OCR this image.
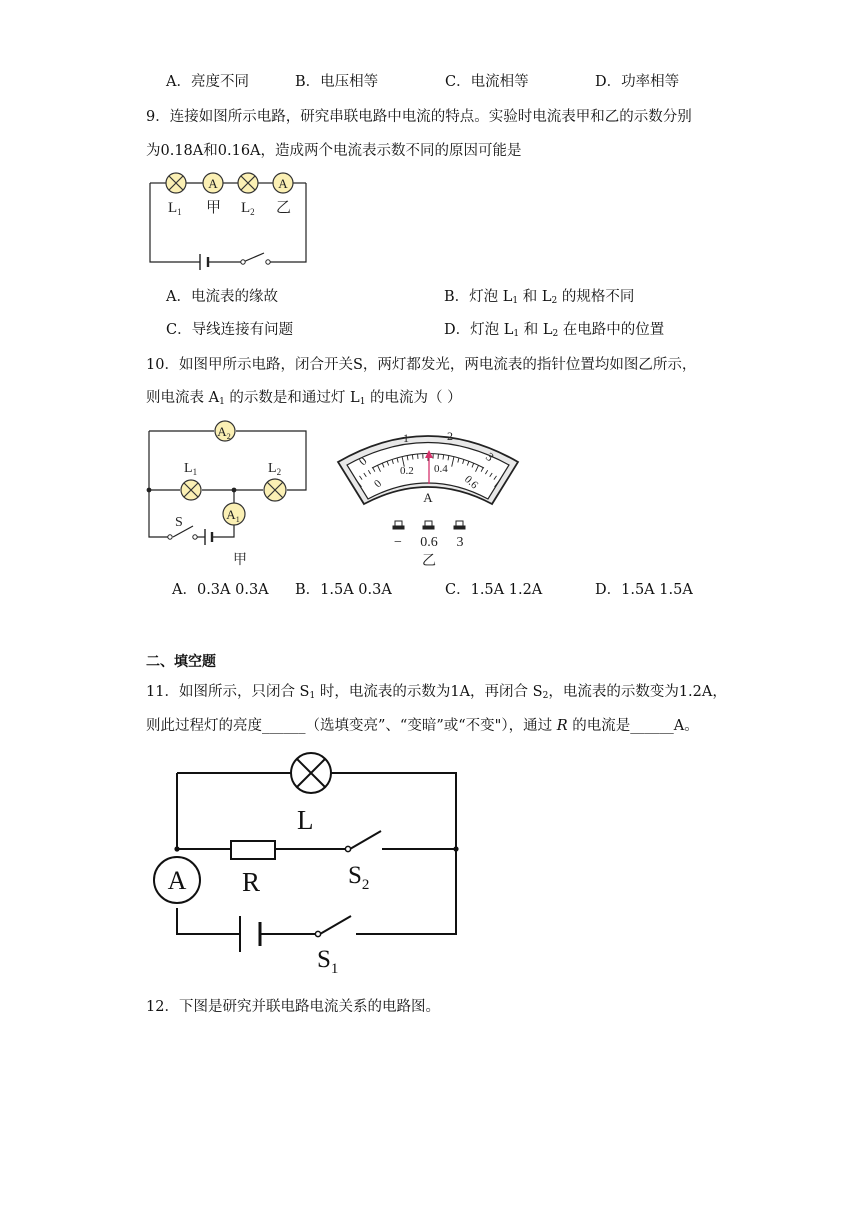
A．亮度不同	B．电压相等	C．电流相等	D．功率相等
9．连接如图所示电路，研究串联电路中电流的特点。实验时电流表甲和乙的示数分别
为0.18A和0.16A，造成两个电流表示数不同的原因可能是
A	A
$L_1$ 甲 $L_2$ 乙
A．电流表的缘故	B．灯泡 $L_1$ 和 $L_2$ 的规格不同
C．导线连接有问题	D．灯泡 $L_1$ 和 $L_2$ 在电路中的位置
10．如图甲所示电路，闭合开关S，两灯都发光，两电流表的指针位置均如图乙所示，
则电流表 $A_1$ 的示数是和通过灯 $L_1$ 的电流为（ ）
$A_2$
$A_1$
$L_1$	$L_2$
S
甲
0
1	2
3
0
0.2 0.4
0.6
A
− 0.6 3
乙
A．0.3A 0.3A B．1.5A 0.3A	C．1.5A 1.2A	D．1.5A 1.5A
二、填空题
11．如图所示，只闭合 $S_1$ 时，电流表的示数为1A，再闭合 $S_2$，电流表的示数变为1.2A，
则此过程灯的亮度______（选填变亮”、“变暗”或“不变"），通过 R 的电流是______A。
A
L
R	$S_2$
$S_1$
12．下图是研究并联电路电流关系的电路图。
